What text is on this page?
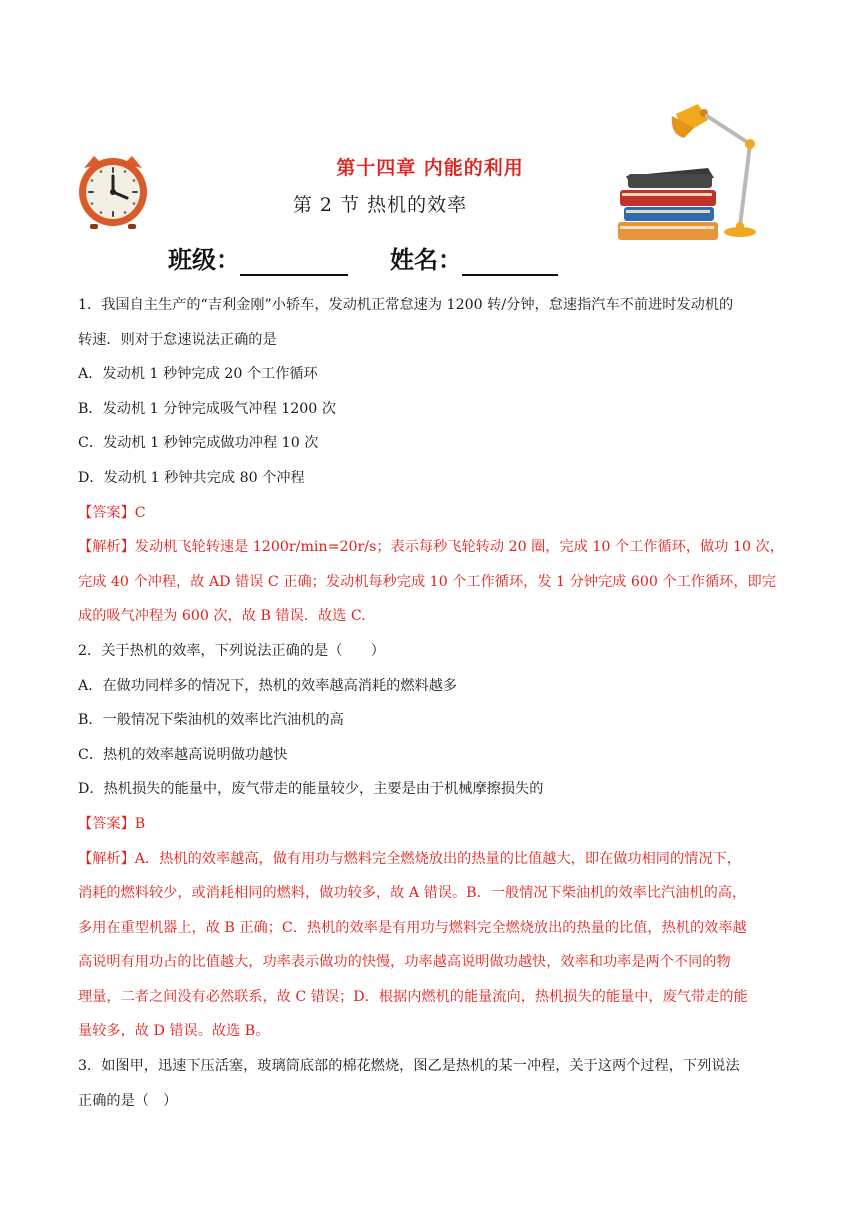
第十四章 内能的利用
第 2 节 热机的效率
班级：	姓名：

1．我国自主生产的“吉利金刚”小轿车，发动机正常怠速为 1200 转/分钟，怠速指汽车不前进时发动机的

转速．则对于怠速说法正确的是

A．发动机 1 秒钟完成 20 个工作循环

B．发动机 1 分钟完成吸气冲程 1200 次

C．发动机 1 秒钟完成做功冲程 10 次

D．发动机 1 秒钟共完成 80 个冲程

【答案】C

【解析】发动机飞轮转速是 1200r/min=20r/s；表示每秒飞轮转动 20 圈，完成 10 个工作循环，做功 10 次，

完成 40 个冲程，故 AD 错误 C 正确；发动机每秒完成 10 个工作循环，发 1 分钟完成 600 个工作循环，即完

成的吸气冲程为 600 次，故 B 错误．故选 C.

2．关于热机的效率，下列说法正确的是（　　）

A．在做功同样多的情况下，热机的效率越高消耗的燃料越多

B．一般情况下柴油机的效率比汽油机的高

C．热机的效率越高说明做功越快

D．热机损失的能量中，废气带走的能量较少，主要是由于机械摩擦损失的

【答案】B

【解析】A．热机的效率越高，做有用功与燃料完全燃烧放出的热量的比值越大，即在做功相同的情况下，

消耗的燃料较少，或消耗相同的燃料，做功较多，故 A 错误。B．一般情况下柴油机的效率比汽油机的高，

多用在重型机器上，故 B 正确；C．热机的效率是有用功与燃料完全燃烧放出的热量的比值，热机的效率越

高说明有用功占的比值越大，功率表示做功的快慢，功率越高说明做功越快，效率和功率是两个不同的物

理量，二者之间没有必然联系，故 C 错误；D．根据内燃机的能量流向，热机损失的能量中，废气带走的能

量较多，故 D 错误。故选 B。

3．如图甲，迅速下压活塞，玻璃筒底部的棉花燃烧，图乙是热机的某一冲程，关于这两个过程，下列说法

正确的是（　）
